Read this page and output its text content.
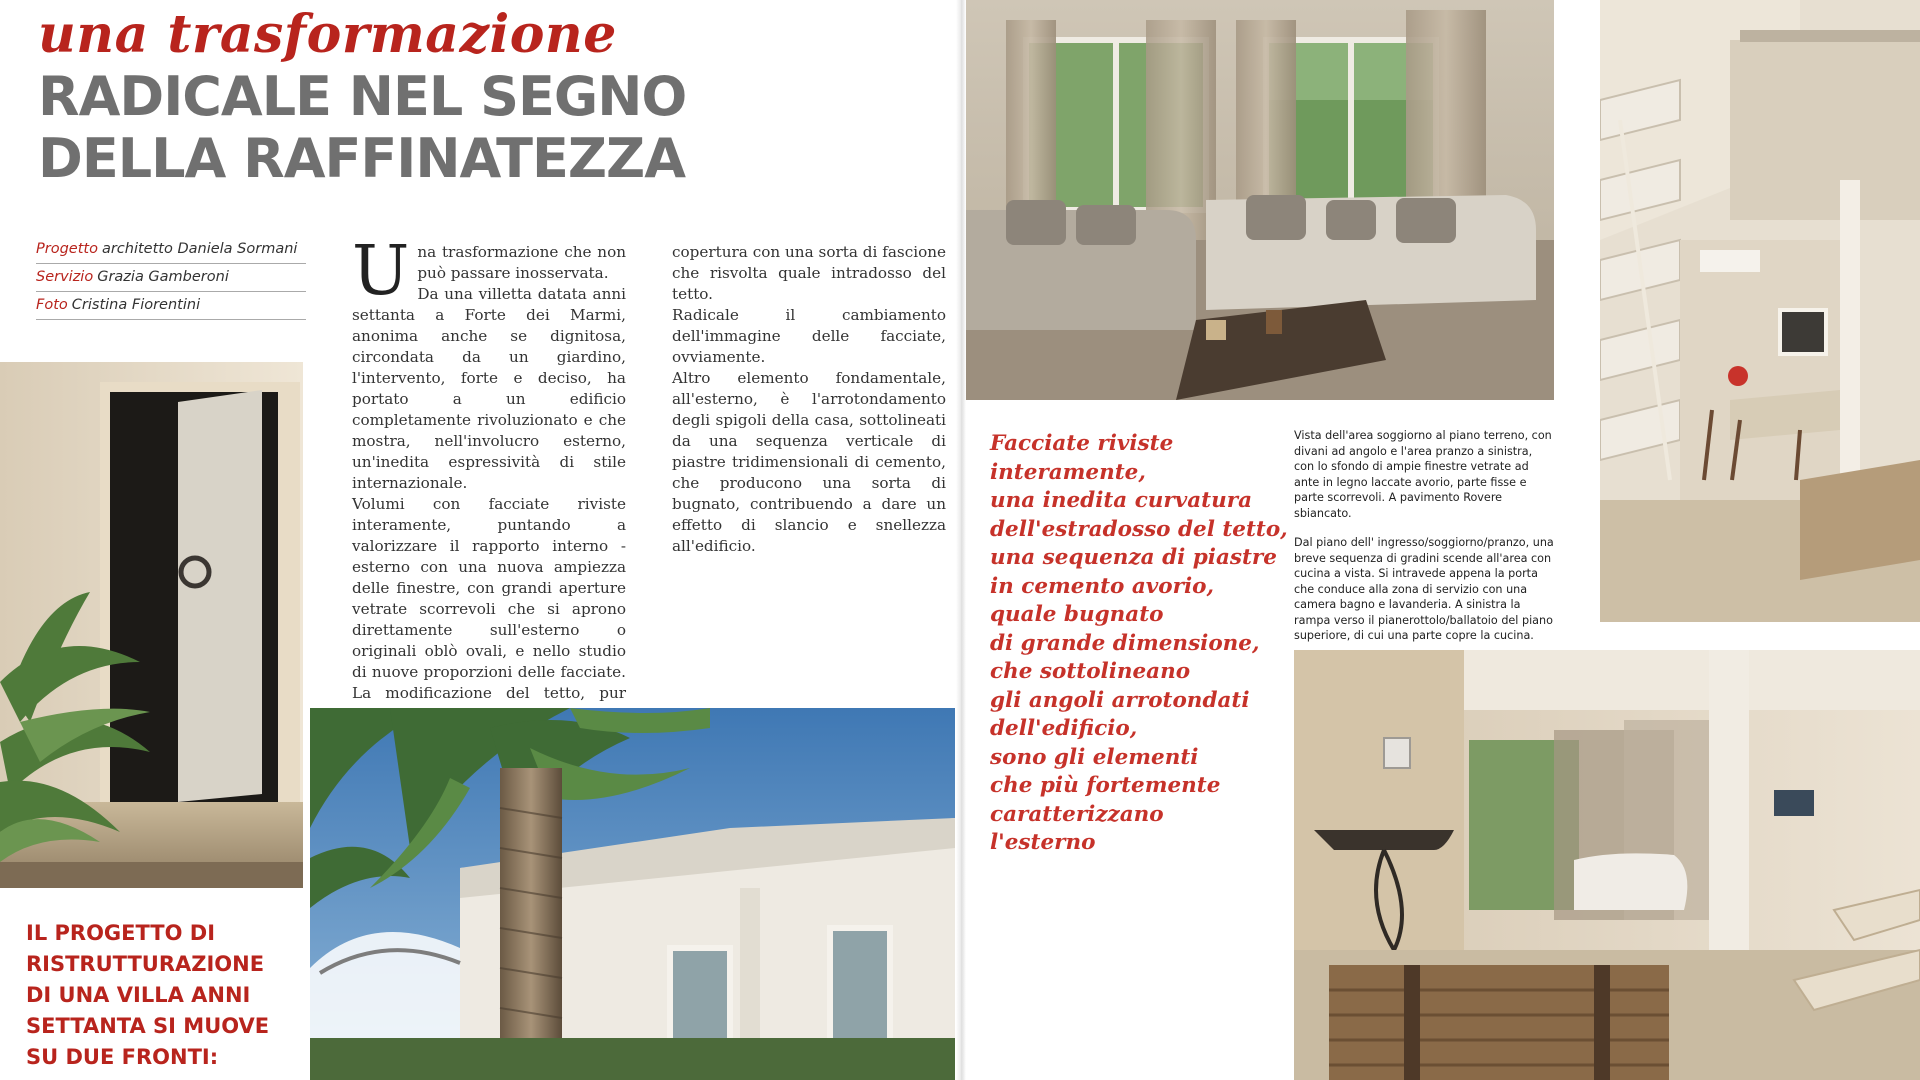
una trasformazione
RADICALE NEL SEGNO
DELLA RAFFINATEZZA
Progetto architetto Daniela Sormani
Servizio Grazia Gamberoni
Foto Cristina Fiorentini	U na trasformazione che non può passare inosservata.

Da una villetta datata anni settanta a Forte dei Marmi, anonima anche se dignitosa, circondata da un giardino, l'intervento, forte e deciso, ha portato a un edificio completamente rivoluzionato e che mostra, nell'involucro esterno, un'inedita espressività di stile internazionale.

Volumi con facciate riviste interamente, puntando a valorizzare il rapporto interno - esterno con una nuova ampiezza delle finestre, con grandi aperture vetrate scorrevoli che si aprono direttamente sull'esterno o originali oblò ovali, e nello studio di nuove proporzioni delle facciate. La modificazione del tetto, pur

copertura con una sorta di fascione che risvolta quale intradosso del tetto.

Radicale il cambiamento dell'immagine delle facciate, ovviamente.

Altro elemento fondamentale, all'esterno, è l'arrotondamento degli spigoli della casa, sottolineati da una sequenza verticale di piastre tridimensionali di cemento, che producono una sorta di bugnato, contribuendo a dare un effetto di slancio e snellezza all'edificio.

IL PROGETTO DI
RISTRUTTURAZIONE
DI UNA VILLA ANNI
SETTANTA SI MUOVE
SU DUE FRONTI:
Facciate riviste
interamente,
una inedita curvatura
dell'estradosso del tetto,
una sequenza di piastre
in cemento avorio,
quale bugnato
di grande dimensione,
che sottolineano
gli angoli arrotondati
dell'edificio,
sono gli elementi
che più fortemente
caratterizzano
l'esterno

Vista dell'area soggiorno al piano terreno, con divani ad angolo e l'area pranzo a sinistra, con lo sfondo di ampie finestre vetrate ad ante in legno laccate avorio, parte fisse e parte scorrevoli. A pavimento Rovere sbiancato.

Dal piano dell' ingresso/soggiorno/pranzo, una breve sequenza di gradini scende all'area con cucina a vista. Si intravede appena la porta che conduce alla zona di servizio con una camera bagno e lavanderia. A sinistra la rampa verso il pianerottolo/ballatoio del piano superiore, di cui una parte copre la cucina.
